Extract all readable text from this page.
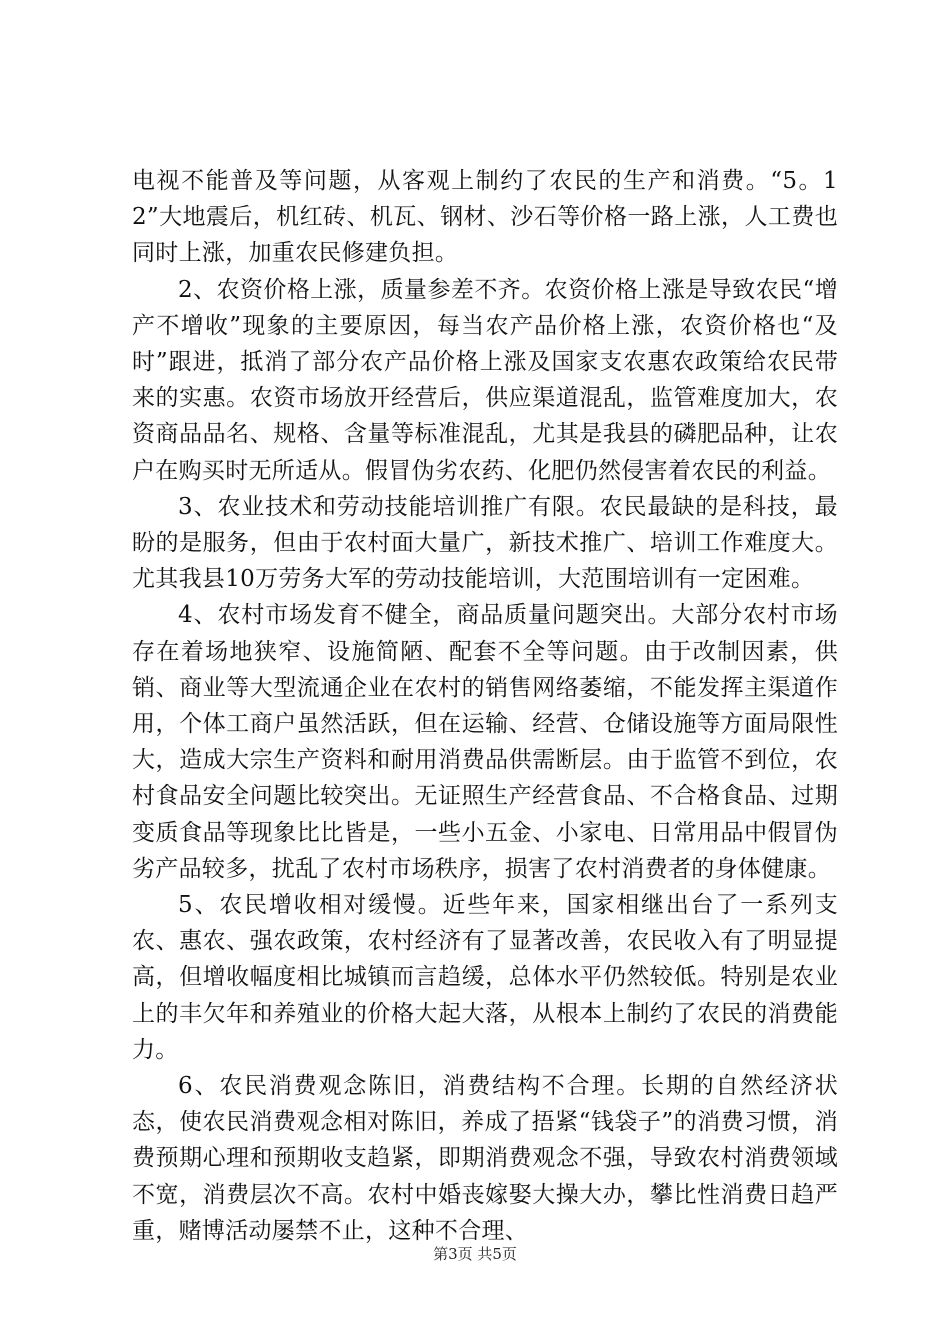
电视不能普及等问题，从客观上制约了农民的生产和消费。“5。12”大地震后，机红砖、机瓦、钢材、沙石等价格一路上涨，人工费也同时上涨，加重农民修建负担。

2、农资价格上涨，质量参差不齐。农资价格上涨是导致农民“增产不增收”现象的主要原因，每当农产品价格上涨，农资价格也“及时”跟进，抵消了部分农产品价格上涨及国家支农惠农政策给农民带来的实惠。农资市场放开经营后，供应渠道混乱，监管难度加大，农资商品品名、规格、含量等标准混乱，尤其是我县的磷肥品种，让农户在购买时无所适从。假冒伪劣农药、化肥仍然侵害着农民的利益。

3、农业技术和劳动技能培训推广有限。农民最缺的是科技，最盼的是服务，但由于农村面大量广，新技术推广、培训工作难度大。尤其我县10万劳务大军的劳动技能培训，大范围培训有一定困难。

4、农村市场发育不健全，商品质量问题突出。大部分农村市场存在着场地狭窄、设施简陋、配套不全等问题。由于改制因素，供销、商业等大型流通企业在农村的销售网络萎缩，不能发挥主渠道作用，个体工商户虽然活跃，但在运输、经营、仓储设施等方面局限性大，造成大宗生产资料和耐用消费品供需断层。由于监管不到位，农村食品安全问题比较突出。无证照生产经营食品、不合格食品、过期变质食品等现象比比皆是，一些小五金、小家电、日常用品中假冒伪劣产品较多，扰乱了农村市场秩序，损害了农村消费者的身体健康。

5、农民增收相对缓慢。近些年来，国家相继出台了一系列支农、惠农、强农政策，农村经济有了显著改善，农民收入有了明显提高，但增收幅度相比城镇而言趋缓，总体水平仍然较低。特别是农业上的丰欠年和养殖业的价格大起大落，从根本上制约了农民的消费能力。

6、农民消费观念陈旧，消费结构不合理。长期的自然经济状态，使农民消费观念相对陈旧，养成了捂紧“钱袋子”的消费习惯，消费预期心理和预期收支趋紧，即期消费观念不强，导致农村消费领域不宽，消费层次不高。农村中婚丧嫁娶大操大办，攀比性消费日趋严重，赌博活动屡禁不止，这种不合理、

第3页 共5页
